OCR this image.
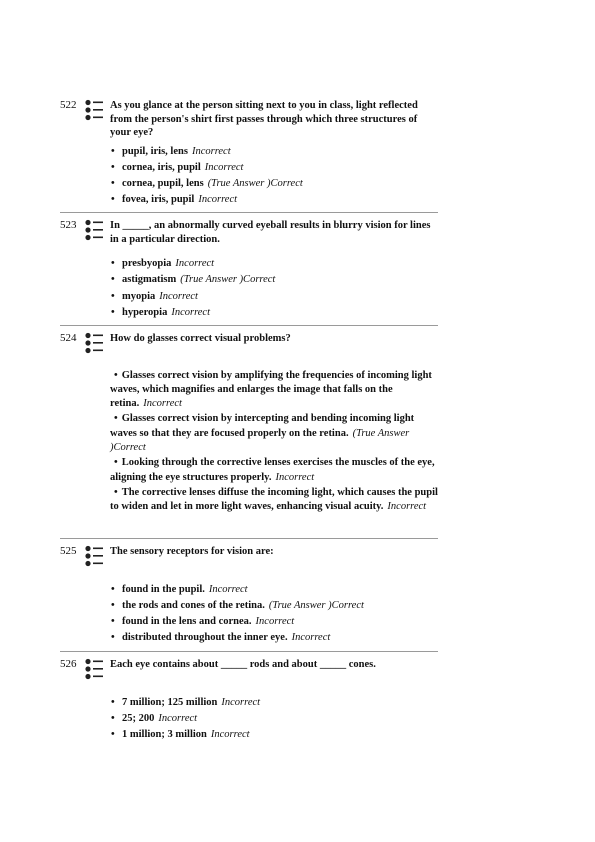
522	As you glance at the person sitting next to you in class, light reflected from the person's shirt first passes through which three structures of your eye?
• pupil, iris, lens Incorrect
• cornea, iris, pupil Incorrect
• cornea, pupil, lens (True Answer )Correct
• fovea, iris, pupil Incorrect
523	In _____, an abnormally curved eyeball results in blurry vision for lines in a particular direction.
• presbyopia Incorrect
• astigmatism (True Answer )Correct
• myopia Incorrect
• hyperopia Incorrect
524	How do glasses correct visual problems?
• Glasses correct vision by amplifying the frequencies of incoming light waves, which magnifies and enlarges the image that falls on the retina. Incorrect
• Glasses correct vision by intercepting and bending incoming light waves so that they are focused properly on the retina. (True Answer )Correct
• Looking through the corrective lenses exercises the muscles of the eye, aligning the eye structures properly. Incorrect
• The corrective lenses diffuse the incoming light, which causes the pupil to widen and let in more light waves, enhancing visual acuity. Incorrect
525	The sensory receptors for vision are:
• found in the pupil. Incorrect
• the rods and cones of the retina. (True Answer )Correct
• found in the lens and cornea. Incorrect
• distributed throughout the inner eye. Incorrect
526	Each eye contains about _____ rods and about _____ cones.
• 7 million; 125 million Incorrect
• 25; 200 Incorrect
• 1 million; 3 million Incorrect
